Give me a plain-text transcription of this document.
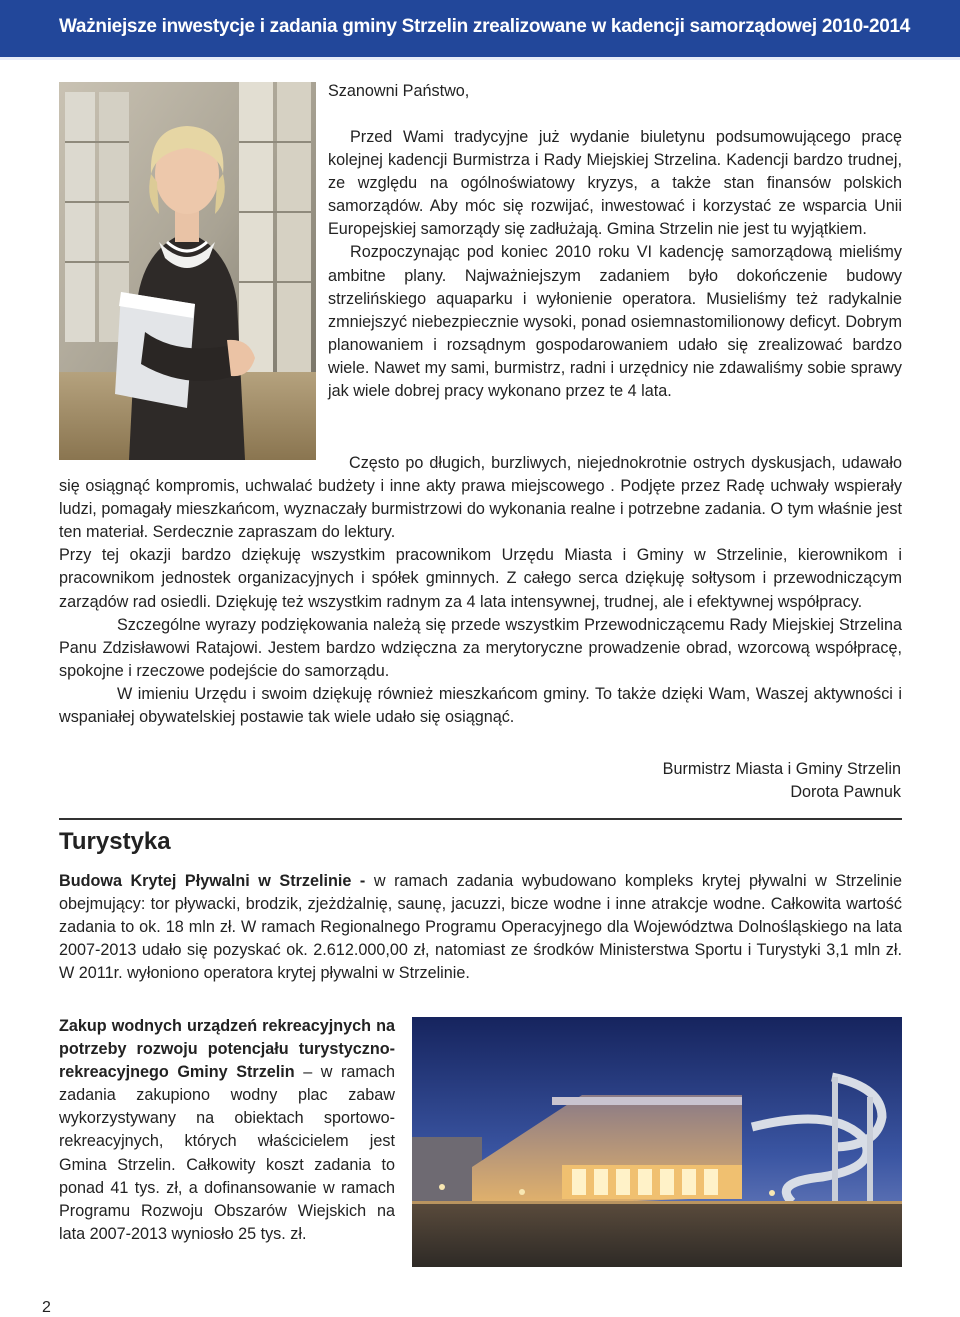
Ważniejsze inwestycje i zadania gminy Strzelin zrealizowane w kadencji samorządowej 2010-2014

Szanowni Państwo,

Przed Wami tradycyjne już wydanie biuletynu podsumowującego pracę kolejnej kadencji Burmistrza i Rady Miejskiej Strzelina. Kadencji bardzo trudnej, ze względu na ogólnoświatowy kryzys, a także stan finansów polskich samorządów. Aby móc się rozwijać, inwestować i korzystać ze wsparcia Unii Europejskiej samorządy się zadłużają. Gmina Strzelin nie jest tu wyjątkiem.

Rozpoczynając pod koniec 2010 roku VI kadencję samorządową mieliśmy ambitne plany. Najważniejszym zadaniem było dokończenie budowy strzelińskiego aquaparku i wyłonienie operatora. Musieliśmy też radykalnie zmniejszyć niebezpiecznie wysoki, ponad osiemnastomilionowy deficyt. Dobrym planowaniem i rozsądnym gospodarowaniem udało się zrealizować bardzo wiele. Nawet my sami, burmistrz, radni i urzędnicy nie zdawaliśmy sobie sprawy jak wiele dobrej pracy wykonano przez te 4 lata.

Często po długich, burzliwych, niejednokrotnie ostrych dyskusjach, udawało się osiągnąć kompromis, uchwalać budżety i inne akty prawa miejscowego . Podjęte przez Radę uchwały wspierały ludzi, pomagały mieszkańcom, wyznaczały burmistrzowi do wykonania realne i potrzebne zadania. O tym właśnie jest ten materiał. Serdecznie zapraszam do lektury.

Przy tej okazji bardzo dziękuję wszystkim pracownikom Urzędu Miasta i Gminy w Strzelinie, kierownikom i pracownikom jednostek organizacyjnych i spółek gminnych. Z całego serca dziękuję sołtysom i przewodniczącym zarządów rad osiedli. Dziękuję też wszystkim radnym za 4 lata intensywnej, trudnej, ale i efektywnej współpracy.

Szczególne wyrazy podziękowania należą się przede wszystkim Przewodniczącemu Rady Miejskiej Strzelina Panu Zdzisławowi Ratajowi. Jestem bardzo wdzięczna za merytoryczne prowadzenie obrad, wzorcową współpracę, spokojne i rzeczowe podejście do samorządu.

W imieniu Urzędu i swoim dziękuję również mieszkańcom gminy. To także dzięki Wam, Waszej aktywności i wspaniałej obywatelskiej postawie tak wiele udało się osiągnąć.

Burmistrz Miasta i Gminy Strzelin
Dorota Pawnuk
Turystyka

Budowa Krytej Pływalni w Strzelinie - w ramach zadania wybudowano kompleks krytej pływalni w Strzelinie obejmujący: tor pływacki, brodzik, zjeżdżalnię, saunę, jacuzzi, bicze wodne i inne atrakcje wodne. Całkowita wartość zadania to ok. 18 mln zł. W ramach Regionalnego Programu Operacyjnego dla Województwa Dolnośląskiego na lata 2007-2013 udało się pozyskać ok. 2.612.000,00 zł, natomiast ze środków Ministerstwa Sportu i Turystyki 3,1 mln zł. W 2011r. wyłoniono operatora krytej pływalni w Strzelinie.

Zakup wodnych urządzeń rekreacyjnych na potrzeby rozwoju potencjału turystyczno-rekreacyjnego Gminy Strzelin – w ramach zadania zakupiono wodny plac zabaw wykorzystywany na obiektach sportowo-rekreacyjnych, których właścicielem jest Gmina Strzelin. Całkowity koszt zadania to ponad 41 tys. zł, a dofinansowanie w ramach Programu Rozwoju Obszarów Wiejskich na lata 2007-2013 wyniosło 25 tys. zł.

2
